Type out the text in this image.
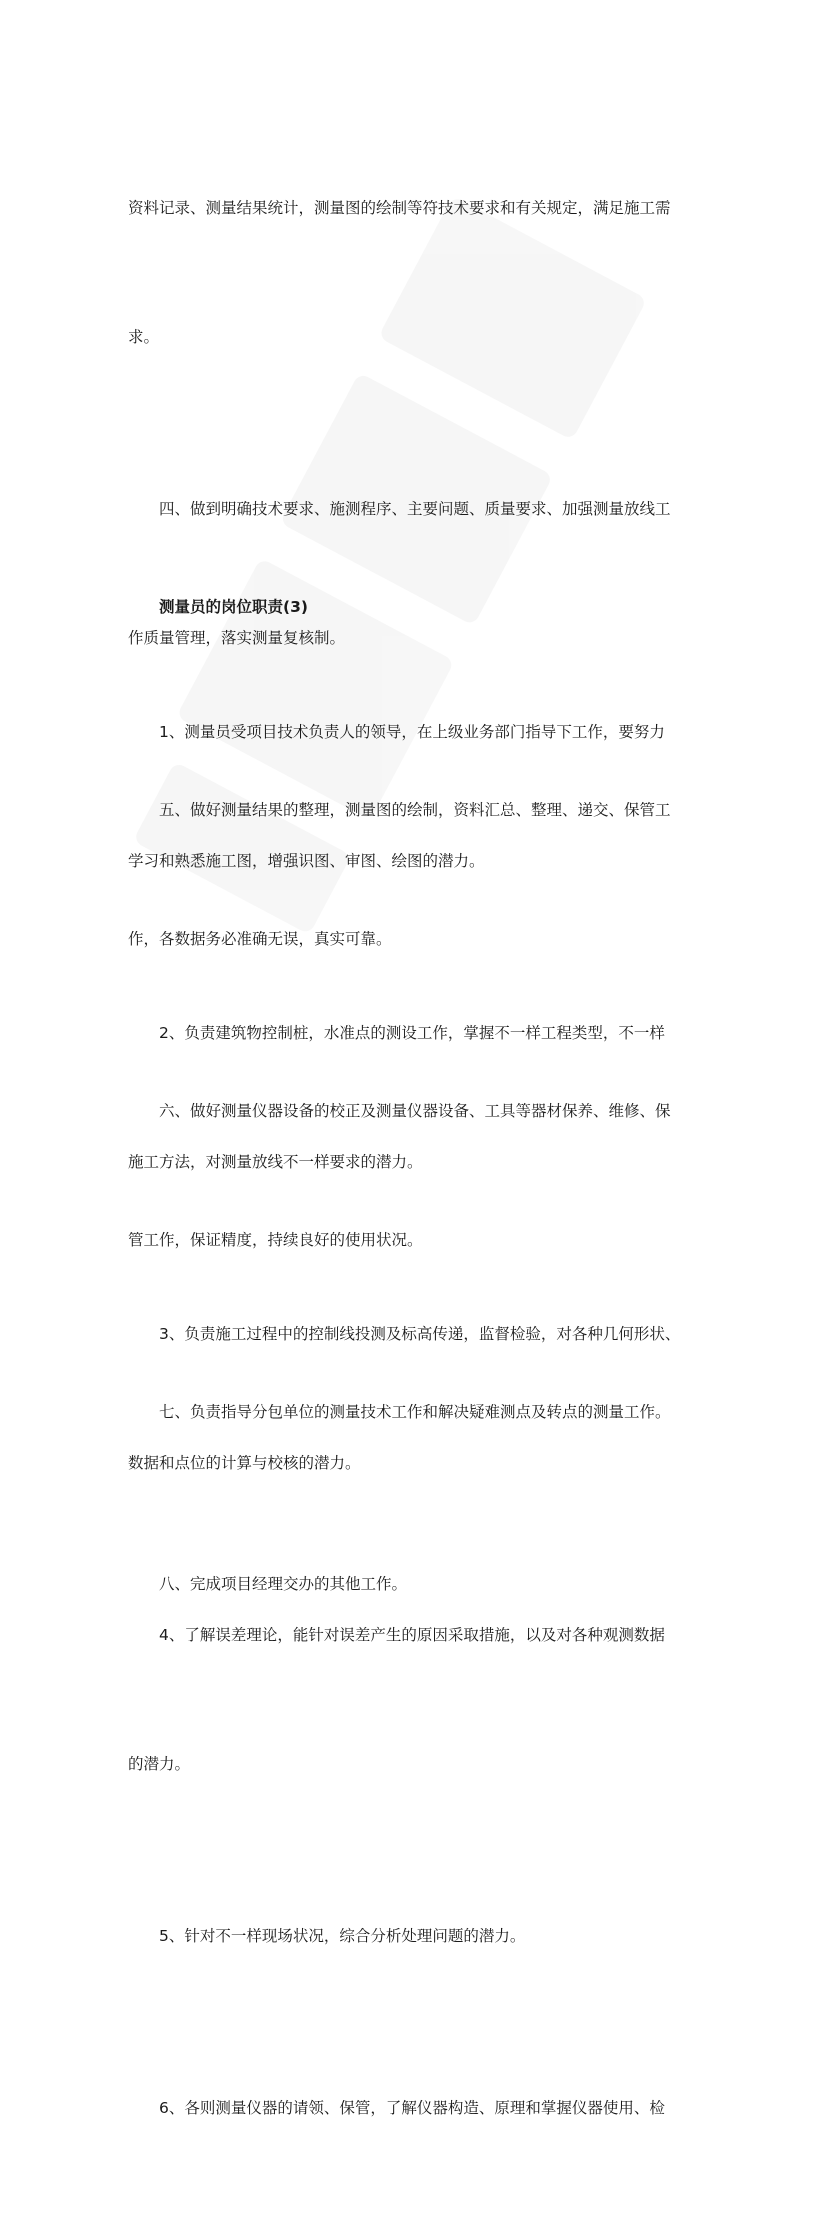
资料记录、测量结果统计，测量图的绘制等符技术要求和有关规定，满足施工需

求。

四、做到明确技术要求、施测程序、主要问题、质量要求、加强测量放线工

作质量管理，落实测量复核制。

五、做好测量结果的整理，测量图的绘制，资料汇总、整理、递交、保管工

作，各数据务必准确无误，真实可靠。

六、做好测量仪器设备的校正及测量仪器设备、工具等器材保养、维修、保

管工作，保证精度，持续良好的使用状况。

七、负责指导分包单位的测量技术工作和解决疑难测点及转点的测量工作。

八、完成项目经理交办的其他工作。

测量员的岗位职责(3)

1、测量员受项目技术负责人的领导，在上级业务部门指导下工作，要努力

学习和熟悉施工图，增强识图、审图、绘图的潜力。

2、负责建筑物控制桩，水准点的测设工作，掌握不一样工程类型，不一样

施工方法，对测量放线不一样要求的潜力。

3、负责施工过程中的控制线投测及标高传递，监督检验，对各种几何形状、

数据和点位的计算与校核的潜力。

4、了解误差理论，能针对误差产生的原因采取措施，以及对各种观测数据

的潜力。

5、针对不一样现场状况，综合分析处理问题的潜力。

6、各则测量仪器的请领、保管，了解仪器构造、原理和掌握仪器使用、检
